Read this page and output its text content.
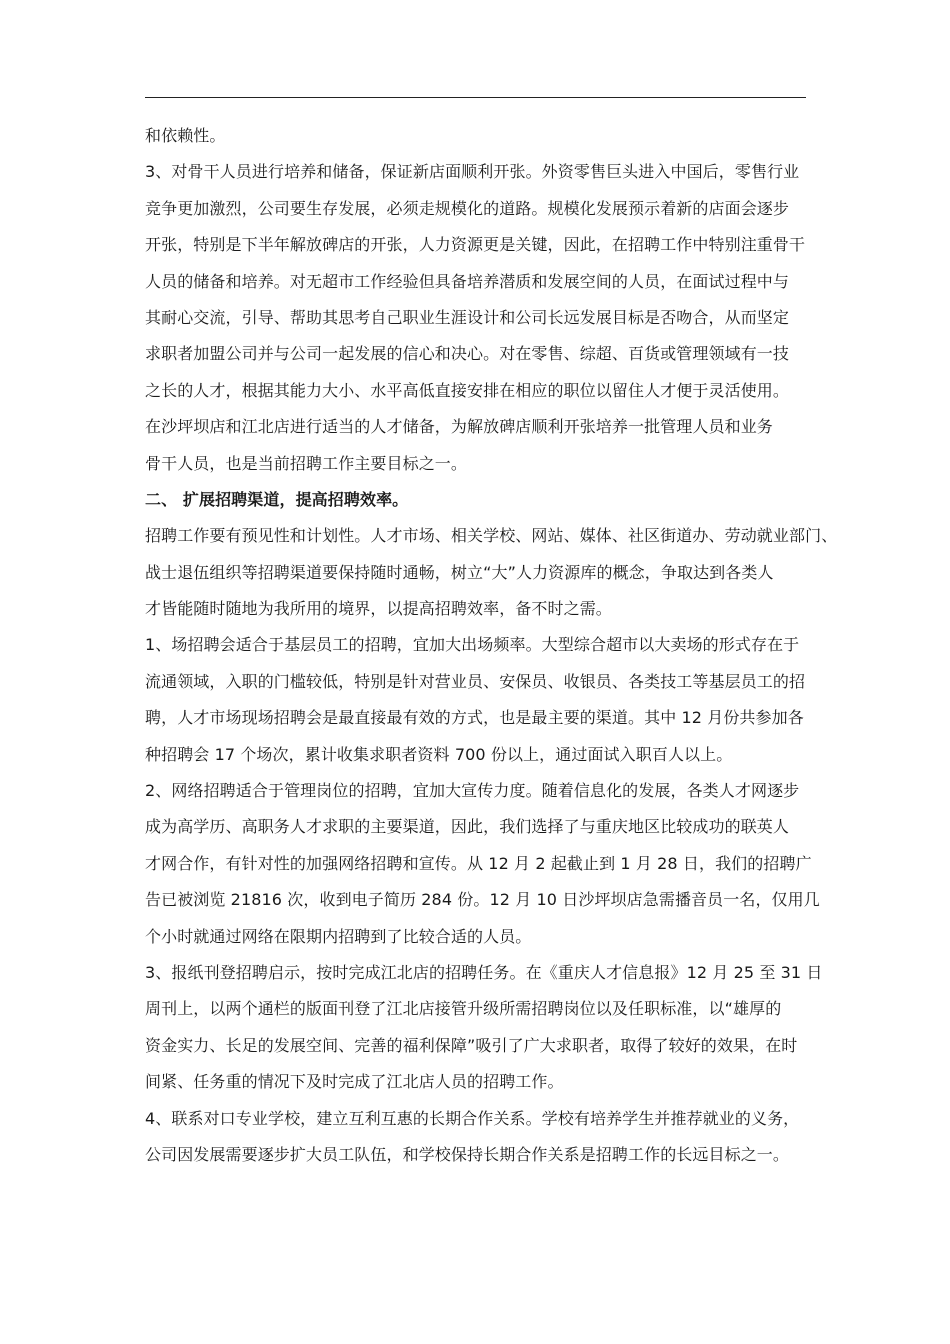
和依赖性。
3、对骨干人员进行培养和储备，保证新店面顺利开张。外资零售巨头进入中国后，零售行业
竞争更加激烈，公司要生存发展，必须走规模化的道路。规模化发展预示着新的店面会逐步
开张，特别是下半年解放碑店的开张，人力资源更是关键，因此，在招聘工作中特别注重骨干
人员的储备和培养。对无超市工作经验但具备培养潜质和发展空间的人员，在面试过程中与
其耐心交流，引导、帮助其思考自己职业生涯设计和公司长远发展目标是否吻合，从而坚定
求职者加盟公司并与公司一起发展的信心和决心。对在零售、综超、百货或管理领域有一技
之长的人才，根据其能力大小、水平高低直接安排在相应的职位以留住人才便于灵活使用。
在沙坪坝店和江北店进行适当的人才储备，为解放碑店顺利开张培养一批管理人员和业务
骨干人员，也是当前招聘工作主要目标之一。
二、 扩展招聘渠道，提高招聘效率。
招聘工作要有预见性和计划性。人才市场、相关学校、网站、媒体、社区街道办、劳动就业部门、
战士退伍组织等招聘渠道要保持随时通畅，树立“大”人力资源库的概念，争取达到各类人
才皆能随时随地为我所用的境界，以提高招聘效率，备不时之需。
1、场招聘会适合于基层员工的招聘，宜加大出场频率。大型综合超市以大卖场的形式存在于
流通领域，入职的门槛较低，特别是针对营业员、安保员、收银员、各类技工等基层员工的招
聘，人才市场现场招聘会是最直接最有效的方式，也是最主要的渠道。其中 12 月份共参加各
种招聘会 17 个场次，累计收集求职者资料 700 份以上，通过面试入职百人以上。
2、网络招聘适合于管理岗位的招聘，宜加大宣传力度。随着信息化的发展，各类人才网逐步
成为高学历、高职务人才求职的主要渠道，因此，我们选择了与重庆地区比较成功的联英人
才网合作，有针对性的加强网络招聘和宣传。从 12 月 2 起截止到 1 月 28 日，我们的招聘广
告已被浏览 21816 次，收到电子简历 284 份。12 月 10 日沙坪坝店急需播音员一名，仅用几
个小时就通过网络在限期内招聘到了比较合适的人员。
3、报纸刊登招聘启示，按时完成江北店的招聘任务。在《重庆人才信息报》12 月 25 至 31 日
周刊上，以两个通栏的版面刊登了江北店接管升级所需招聘岗位以及任职标准，以“雄厚的
资金实力、长足的发展空间、完善的福利保障”吸引了广大求职者，取得了较好的效果，在时
间紧、任务重的情况下及时完成了江北店人员的招聘工作。
4、联系对口专业学校，建立互利互惠的长期合作关系。学校有培养学生并推荐就业的义务，
公司因发展需要逐步扩大员工队伍，和学校保持长期合作关系是招聘工作的长远目标之一。
